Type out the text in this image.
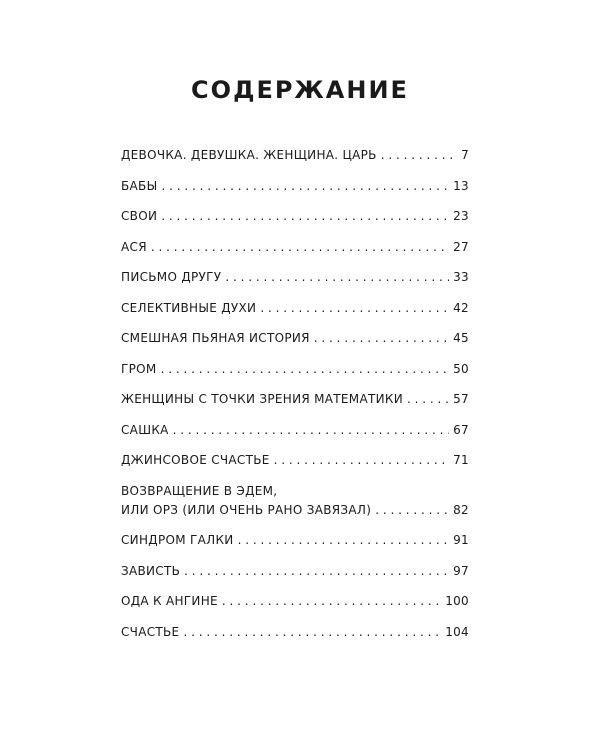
СОДЕРЖАНИЕ
ДЕВОЧКА. ДЕВУШКА. ЖЕНЩИНА. ЦАРЬ . . .	7
БАБЫ . . .	13
СВОИ . . .	23
АСЯ . . .	27
ПИСЬМО ДРУГУ . . .	33
СЕЛЕКТИВНЫЕ ДУХИ . . .	42
СМЕШНАЯ ПЬЯНАЯ ИСТОРИЯ . . .	45
ГРОМ . . .	50
ЖЕНЩИНЫ С ТОЧКИ ЗРЕНИЯ МАТЕМАТИКИ . . .	57
САШКА . . .	67
ДЖИНСОВОЕ СЧАСТЬЕ . . .	71
ВОЗВРАЩЕНИЕ В ЭДЕМ,
ИЛИ ОРЗ (ИЛИ ОЧЕНЬ РАНО ЗАВЯЗАЛ) . . .	82
СИНДРОМ ГАЛКИ . . .	91
ЗАВИСТЬ . . .	97
ОДА К АНГИНЕ . . .	100
СЧАСТЬЕ . . .	104
